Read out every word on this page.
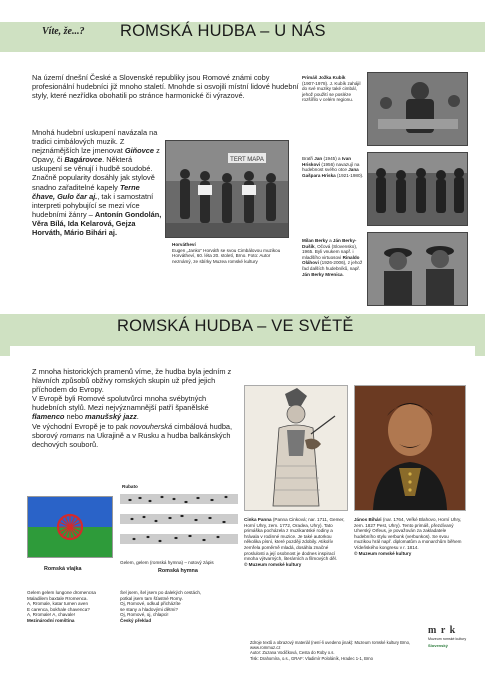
Víte, že...? ROMSKÁ HUDBA – U NÁS
Na území dnešní České a Slovenské republiky jsou Romové známi coby profesionální hudebníci již mnoho staletí. Mnohde si osvojili místní lidové hudební styly, které nezřídka obohatili po stránce harmonické či výrazové.
Mnohá hudební uskupení navázala na tradici cimbálových muzik. Z nejznámějších lze jmenovat Giňovce z Opavy, či Bagárovce. Některá uskupení se věnují i hudbě soudobé. Značně popularity dosáhly jak stylově snadno zařaditelné kapely Terne čhave, Gulo čar aj., tak i samostatní interpreti pohybující se mezi více hudebními žánry – Antonín Gondolán, Věra Bílá, Ida Kelarová, Gejza Horváth, Mário Bihári aj.
TERT MAPA
Horvátheví
Eugen „Janko“ Horváth se svou Cimbálovou muzikou Horvátheví, 60. léta 20. století, Brno. Foto: Autor neznámý, ze sbírky Muzea romské kultury
Primáš Jožka Kubík
(1907-1978). J. Kubík zahájil do své muziky také cimbál, jehož použití se posléze rozšířilo v celém regionu.
Bratři Jan (1945) a Ivan Hriskovi (1956) navazují na hudebnost svého otce Jana Gašpara Hriska (1921-1980).
Milan Berky a Ján Berky-Dušík, Očová (Slovensko), 1965. Byli vnukem např. i mladšího virtuosovi Rinaldo Oláhovi (1926-2006), z jehož řad dalších hudebníků, např. Ján Berky Mrenica.
ROMSKÁ HUDBA – VE SVĚTĚ
Z mnoha historických pramenů víme, že hudba byla jedním z hlavních způsobů obživy romských skupin už před jejich příchodem do Evropy.
V Evropě byli Romové spolutvůrci mnoha svébytných hudebních stylů. Mezi nejvýznamnější patří španělské flamenco nebo manušský jazz.
Ve východní Evropě je to pak novouherská cimbálová hudba, sborový romans na Ukrajině a v Rusku a hudba balkánských dechových souborů.
Romská vlajka
Rubato
Gelem, gelem (romská hymna) – notový zápis
Romská hymna
Gelem gelem lungone dromencsa
Maladilem baxtale Rromenca.
A, Rromale, katar tumen aven
E carenca, bokhale chavenca?
A, Rromale! A, chavale!
Mezinárodní romština
Šel jsem, šel jsem po dalekých cestách,
potkal jsem tam šťastné Romy.
Oj, Romové, odkud přicházíte
se stany a hladovými dětmi?
Oj, Romové, oj, chlapci!
Český překlad
Cinka Panna (Panna Cinková; nar. 1711, Gemer, Horní Uhry, zem. 1772, Oradea, Uhry). Tato primáška pocházela z muzikantské rodiny a hrávala v rodinné muzice. Je také autorkou několika písní, které později zdobily. Atikolív zemřela poměrně mladá, dosáhla značné proslulosti a její osobnost je dodnes inspirací mnoha výtvarných, literárních a filmových děl.
© Muzeum romské kultury
János Bihári (nar. 1764, Veľké Blahovo, Horní Uhry, zem. 1827 Pest, Uhry). Tento primáš, přezdívaný Uherský Orfeus, je považován za zakladatele hudebního stylu verbunk (verbunkos). Se svou muzikou hrál např. diplomatům a monarchům během Vídeňského kongresu v r. 1814.
© Muzeum romské kultury
Zdroje textů a obrazový materiál (není-li uvedeno jinak): Muzeum romské kultury Brno, www.rommuz.cz
Autor: Zuzana Vodičková, Cesta do Roby o.s.
Tisk: Drahomíra, o.s., GRAF: Vladimír Pololáník, Hradec 1-1, Brno
m r k
Muzeum romské kultury
Slovenský
